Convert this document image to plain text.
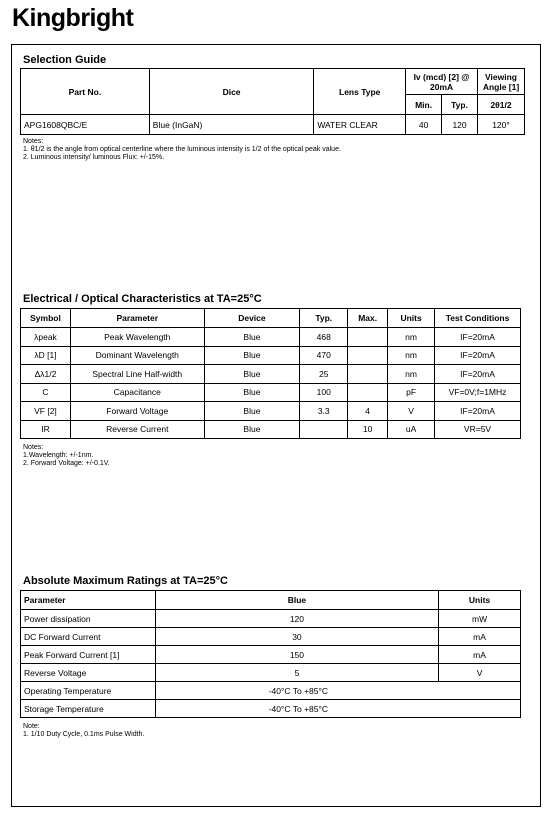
Kingbright
Selection Guide
Part No.	Dice	Lens Type	Iv (mcd) [2] @ 20mA		Viewing Angle [1]
			Min.	Typ.	2θ1/2
APG1608QBC/E	Blue (InGaN)	WATER CLEAR	40	120	120°
Notes:
1. θ1/2 is the angle from optical centerline where the luminous intensity is 1/2 of the optical peak value.
2. Luminous intensity/ luminous Flux: +/-15%.
Electrical / Optical Characteristics at TA=25°C
Symbol	Parameter	Device	Typ.	Max.	Units	Test Conditions
λpeak	Peak Wavelength	Blue	468		nm	IF=20mA
λD [1]	Dominant Wavelength	Blue	470		nm	IF=20mA
Δλ1/2	Spectral Line Half-width	Blue	25		nm	IF=20mA
C	Capacitance	Blue	100		pF	VF=0V;f=1MHz
VF [2]	Forward Voltage	Blue	3.3	4	V	IF=20mA
IR	Reverse Current	Blue		10	uA	VR=5V
Notes:
1.Wavelength: +/-1nm.
2. Forward Voltage: +/-0.1V.
Absolute Maximum Ratings at TA=25°C
Parameter	Blue	Units
Power dissipation	120	mW
DC Forward Current	30	mA
Peak Forward Current [1]	150	mA
Reverse Voltage	5	V
Operating Temperature	-40°C To +85°C	
Storage Temperature	-40°C To +85°C	
Note:
1. 1/10 Duty Cycle, 0.1ms Pulse Width.
